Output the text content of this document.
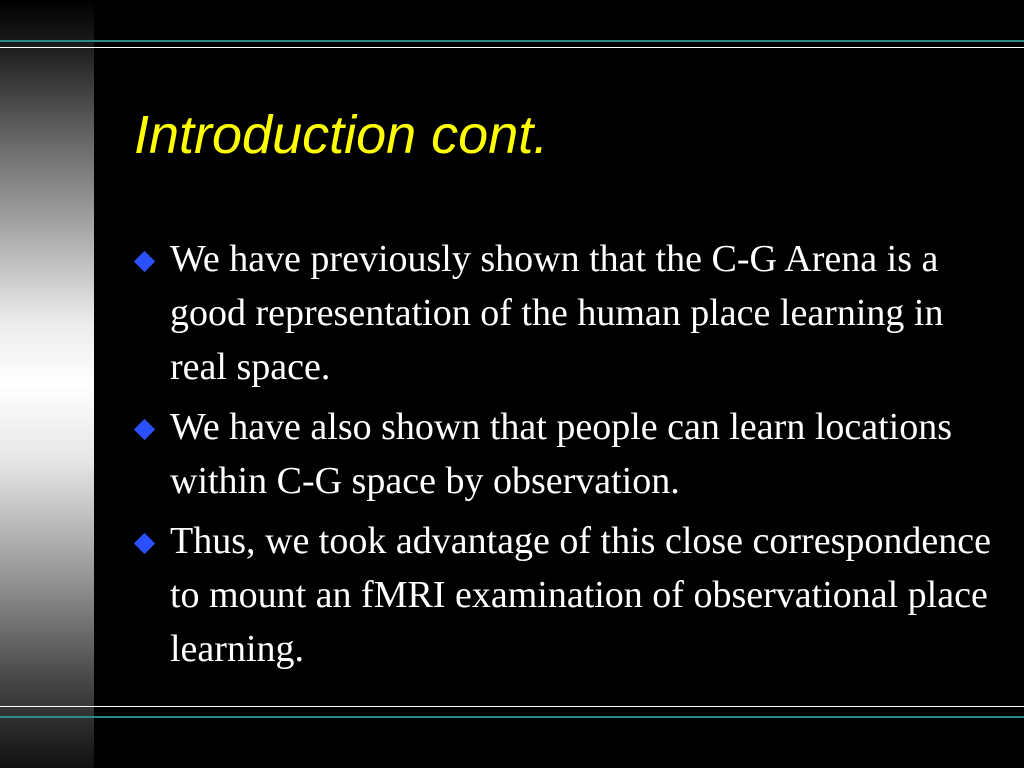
Introduction cont.
We have previously shown that the C-G Arena is a good representation of the human place learning in real space.
We have also shown that people can learn locations within C-G space by observation.
Thus, we took advantage of this close correspondence to mount an fMRI examination of observational place learning.
